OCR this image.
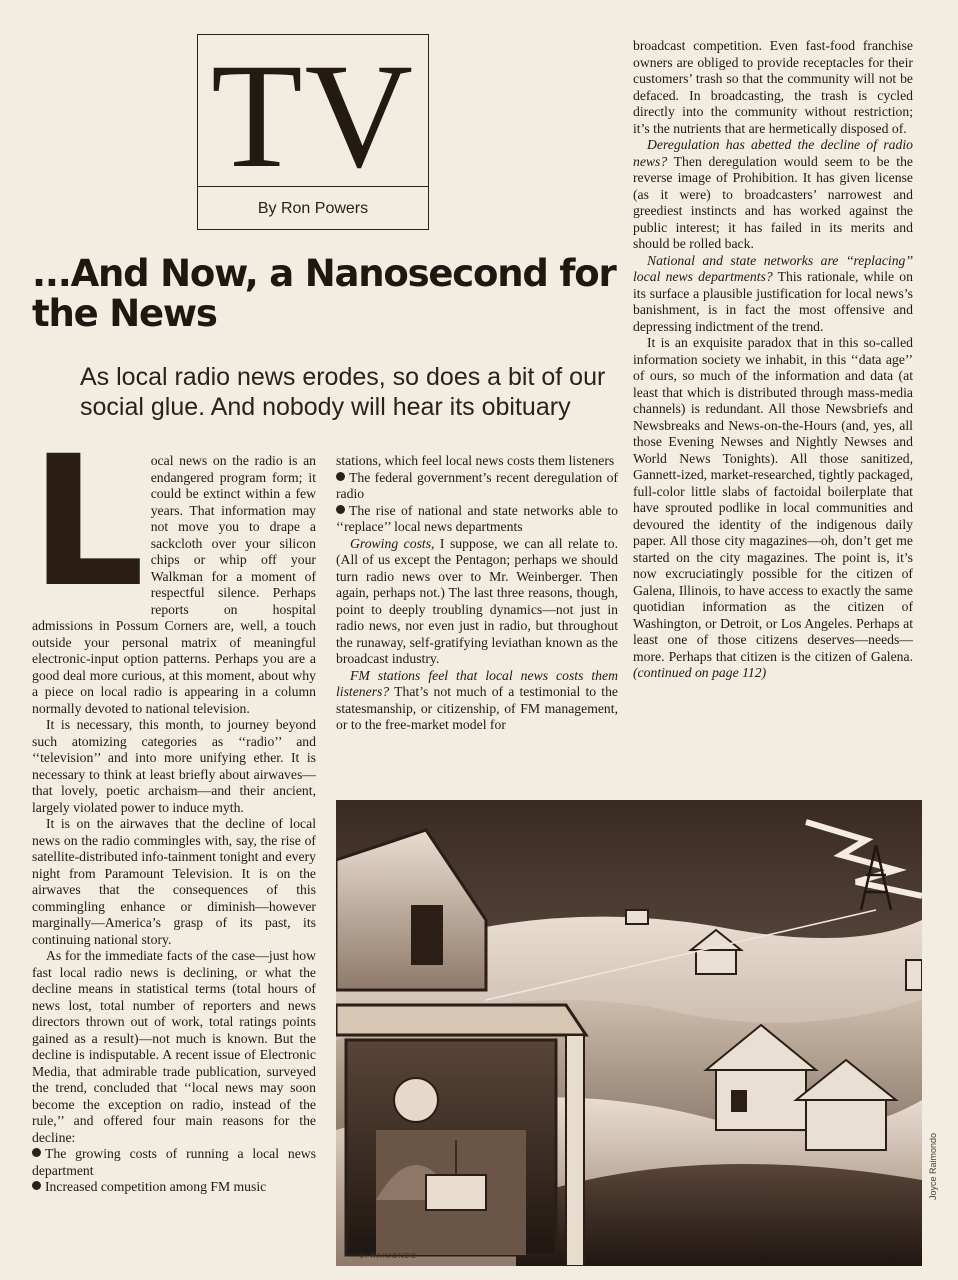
TV
By Ron Powers
...And Now, a Nanosecond for the News
As local radio news erodes, so does a bit of our social glue. And nobody will hear its obituary
L ocal news on the radio is an endangered program form; it could be extinct within a few years. That information may not move you to drape a sackcloth over your silicon chips or whip off your Walkman for a moment of respectful silence. Perhaps reports on hospital admissions in Possum Corners are, well, a touch outside your personal matrix of meaningful electronic-input option patterns. Perhaps you are a good deal more curious, at this moment, about why a piece on local radio is appearing in a column normally devoted to national television.

It is necessary, this month, to journey beyond such atomizing categories as ‘‘radio’’ and ‘‘television’’ and into more unifying ether. It is necessary to think at least briefly about airwaves—that lovely, poetic archaism—and their ancient, largely violated power to induce myth.

It is on the airwaves that the decline of local news on the radio commingles with, say, the rise of satellite-distributed info-tainment tonight and every night from Paramount Television. It is on the airwaves that the consequences of this commingling enhance or diminish—however marginally—America’s grasp of its past, its continuing national story.

As for the immediate facts of the case—just how fast local radio news is declining, or what the decline means in statistical terms (total hours of news lost, total number of reporters and news directors thrown out of work, total ratings points gained as a result)—not much is known. But the decline is indisputable. A recent issue of Electronic Media, that admirable trade publication, surveyed the trend, concluded that ‘‘local news may soon become the exception on radio, instead of the rule,’’ and offered four main reasons for the decline:

The growing costs of running a local news department

Increased competition among FM music

stations, which feel local news costs them listeners

The federal government’s recent deregulation of radio

The rise of national and state networks able to ‘‘replace’’ local news departments

Growing costs, I suppose, we can all relate to. (All of us except the Pentagon; perhaps we should turn radio news over to Mr. Weinberger. Then again, perhaps not.) The last three reasons, though, point to deeply troubling dynamics—not just in radio news, nor even just in radio, but throughout the runaway, self-gratifying leviathan known as the broadcast industry.

FM stations feel that local news costs them listeners? That’s not much of a testimonial to the statesmanship, or citizenship, of FM management, or to the free-market model for

broadcast competition. Even fast-food franchise owners are obliged to provide receptacles for their customers’ trash so that the community will not be defaced. In broadcasting, the trash is cycled directly into the community without restriction; it’s the nutrients that are hermetically disposed of.

Deregulation has abetted the decline of radio news? Then deregulation would seem to be the reverse image of Prohibition. It has given license (as it were) to broadcasters’ narrowest and greediest instincts and has worked against the public interest; it has failed in its merits and should be rolled back.

National and state networks are ‘‘replacing’’ local news departments? This rationale, while on its surface a plausible justification for local news’s banishment, is in fact the most offensive and depressing indictment of the trend.

It is an exquisite paradox that in this so-called information society we inhabit, in this ‘‘data age’’ of ours, so much of the information and data (at least that which is distributed through mass-media channels) is redundant. All those Newsbriefs and Newsbreaks and News-on-the-Hours (and, yes, all those Evening Newses and Nightly Newses and World News Tonights). All those sanitized, Gannett-ized, market-researched, tightly packaged, full-color little slabs of factoidal boilerplate that have sprouted podlike in local communities and devoured the identity of the indigenous daily paper. All those city magazines—oh, don’t get me started on the city magazines. The point is, it’s now excruciatingly possible for the citizen of Galena, Illinois, to have access to exactly the same quotidian information as the citizen of Washington, or Detroit, or Los Angeles. Perhaps at least one of those citizens deserves—needs—more. Perhaps that citizen is the citizen of Galena. (continued on page 112)

Joyce Raimondo
J. RAIMONDO
